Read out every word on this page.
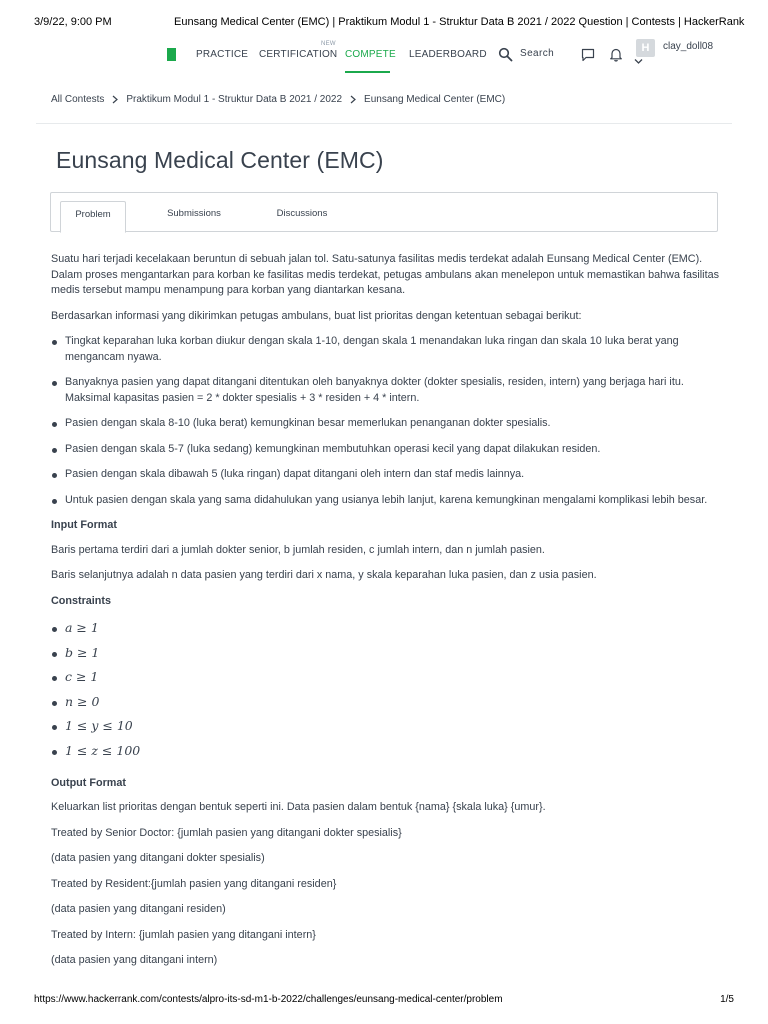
3/9/22, 9:00 PM	Eunsang Medical Center (EMC) | Praktikum Modul 1 - Struktur Data B 2021 / 2022 Question | Contests | HackerRank
PRACTICE CERTIFICATION
NEW
COMPETE LEADERBOARD	Search	H	clay_doll08
All Contests Praktikum Modul 1 - Struktur Data B 2021 / 2022 Eunsang Medical Center (EMC)
Eunsang Medical Center (EMC)
Problem	Submissions	Discussions

Suatu hari terjadi kecelakaan beruntun di sebuah jalan tol. Satu-satunya fasilitas medis terdekat adalah Eunsang Medical Center (EMC). Dalam proses mengantarkan para korban ke fasilitas medis terdekat, petugas ambulans akan menelepon untuk memastikan bahwa fasilitas medis tersebut mampu menampung para korban yang diantarkan kesana.

Berdasarkan informasi yang dikirimkan petugas ambulans, buat list prioritas dengan ketentuan sebagai berikut:

Tingkat keparahan luka korban diukur dengan skala 1-10, dengan skala 1 menandakan luka ringan dan skala 10 luka berat yang mengancam nyawa.
Banyaknya pasien yang dapat ditangani ditentukan oleh banyaknya dokter (dokter spesialis, residen, intern) yang berjaga hari itu. Maksimal kapasitas pasien = 2 * dokter spesialis + 3 * residen + 4 * intern.
Pasien dengan skala 8-10 (luka berat) kemungkinan besar memerlukan penanganan dokter spesialis.
Pasien dengan skala 5-7 (luka sedang) kemungkinan membutuhkan operasi kecil yang dapat dilakukan residen.
Pasien dengan skala dibawah 5 (luka ringan) dapat ditangani oleh intern dan staf medis lainnya.
Untuk pasien dengan skala yang sama didahulukan yang usianya lebih lanjut, karena kemungkinan mengalami komplikasi lebih besar.
Input Format

Baris pertama terdiri dari a jumlah dokter senior, b jumlah residen, c jumlah intern, dan n jumlah pasien.

Baris selanjutnya adalah n data pasien yang terdiri dari x nama, y skala keparahan luka pasien, dan z usia pasien.

Constraints
a ≥ 1
b ≥ 1
c ≥ 1
n ≥ 0
1 ≤ y ≤ 10
1 ≤ z ≤ 100
Output Format

Keluarkan list prioritas dengan bentuk seperti ini. Data pasien dalam bentuk {nama} {skala luka} {umur}.

Treated by Senior Doctor: {jumlah pasien yang ditangani dokter spesialis}

(data pasien yang ditangani dokter spesialis)

Treated by Resident:{jumlah pasien yang ditangani residen}

(data pasien yang ditangani residen)

Treated by Intern: {jumlah pasien yang ditangani intern}

(data pasien yang ditangani intern)

https://www.hackerrank.com/contests/alpro-its-sd-m1-b-2022/challenges/eunsang-medical-center/problem	1/5
